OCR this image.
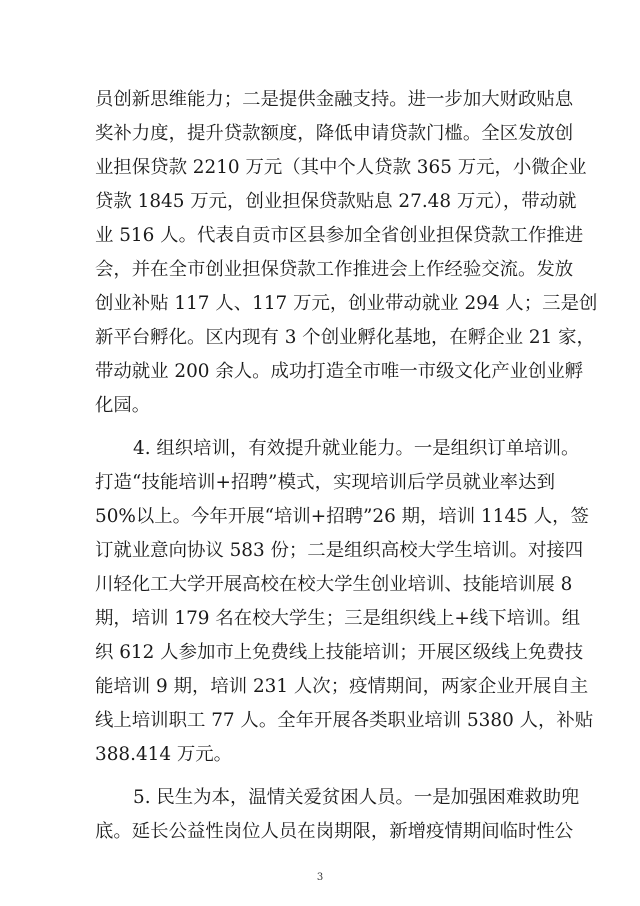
员创新思维能力；二是提供金融支持。进一步加大财政贴息
奖补力度，提升贷款额度，降低申请贷款门槛。全区发放创
业担保贷款 2210 万元（其中个人贷款 365 万元，小微企业
贷款 1845 万元，创业担保贷款贴息 27.48 万元），带动就
业 516 人。代表自贡市区县参加全省创业担保贷款工作推进
会，并在全市创业担保贷款工作推进会上作经验交流。发放
创业补贴 117 人、117 万元，创业带动就业 294 人；三是创
新平台孵化。区内现有 3 个创业孵化基地，在孵企业 21 家，
带动就业 200 余人。成功打造全市唯一市级文化产业创业孵
化园。
4. 组织培训，有效提升就业能力。一是组织订单培训。
打造“技能培训+招聘”模式，实现培训后学员就业率达到
50%以上。今年开展“培训+招聘”26 期，培训 1145 人，签
订就业意向协议 583 份；二是组织高校大学生培训。对接四
川轻化工大学开展高校在校大学生创业培训、技能培训展 8
期，培训 179 名在校大学生；三是组织线上+线下培训。组
织 612 人参加市上免费线上技能培训；开展区级线上免费技
能培训 9 期，培训 231 人次；疫情期间，两家企业开展自主
线上培训职工 77 人。全年开展各类职业培训 5380 人，补贴
388.414 万元。
5. 民生为本，温情关爱贫困人员。一是加强困难救助兜
底。延长公益性岗位人员在岗期限，新增疫情期间临时性公
3
